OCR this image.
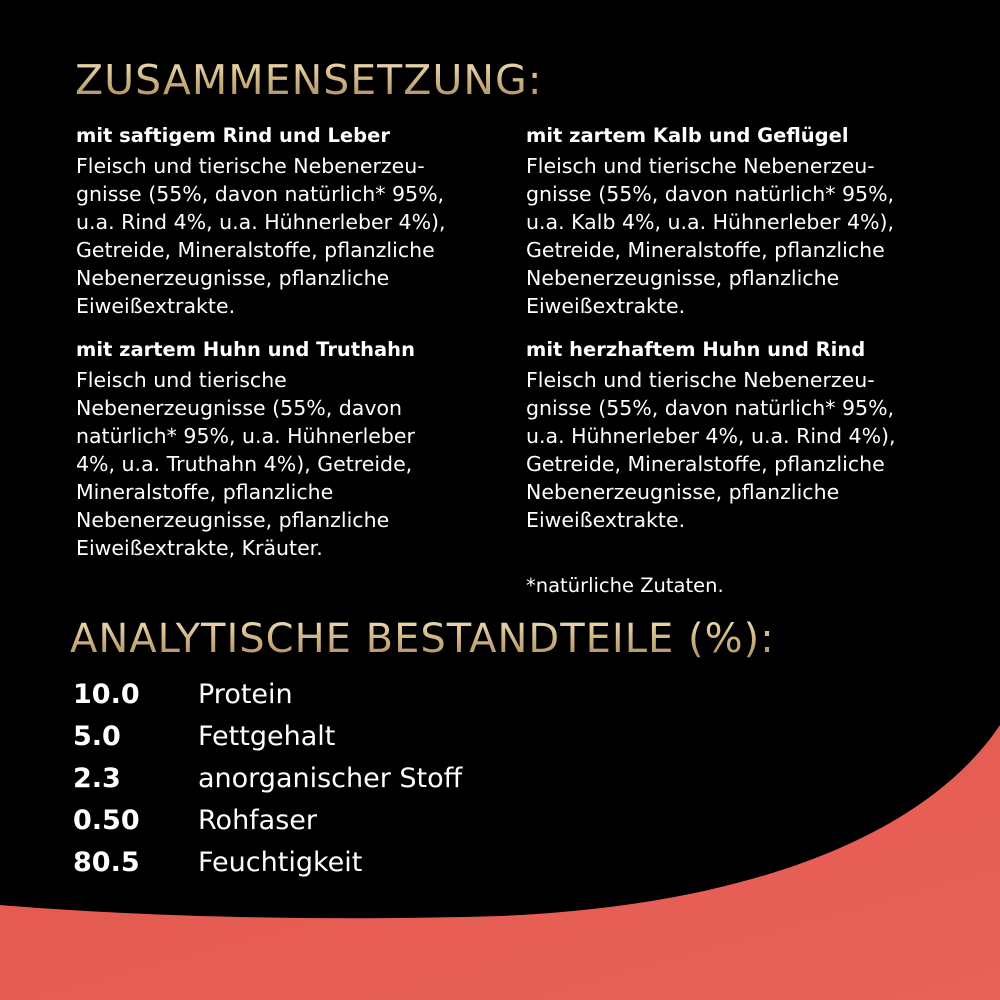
ZUSAMMENSETZUNG:

mit saftigem Rind und Leber

Fleisch und tierische Nebenerzeu-
gnisse (55%, davon natürlich* 95%,
u.a. Rind 4%, u.a. Hühnerleber 4%),
Getreide, Mineralstoffe, pflanzliche
Nebenerzeugnisse, pflanzliche
Eiweißextrakte.

mit zartem Kalb und Geflügel

Fleisch und tierische Nebenerzeu-
gnisse (55%, davon natürlich* 95%,
u.a. Kalb 4%, u.a. Hühnerleber 4%),
Getreide, Mineralstoffe, pflanzliche
Nebenerzeugnisse, pflanzliche
Eiweißextrakte.

mit zartem Huhn und Truthahn

Fleisch und tierische
Nebenerzeugnisse (55%, davon
natürlich* 95%, u.a. Hühnerleber
4%, u.a. Truthahn 4%), Getreide,
Mineralstoffe, pflanzliche
Nebenerzeugnisse, pflanzliche
Eiweißextrakte, Kräuter.

mit herzhaftem Huhn und Rind

Fleisch und tierische Nebenerzeu-
gnisse (55%, davon natürlich* 95%,
u.a. Hühnerleber 4%, u.a. Rind 4%),
Getreide, Mineralstoffe, pflanzliche
Nebenerzeugnisse, pflanzliche
Eiweißextrakte.

*natürliche Zutaten.
ANALYTISCHE BESTANDTEILE (%):
10.0 Protein
5.0	Fettgehalt
2.3	anorganischer Stoff
0.50 Rohfaser
80.5 Feuchtigkeit
